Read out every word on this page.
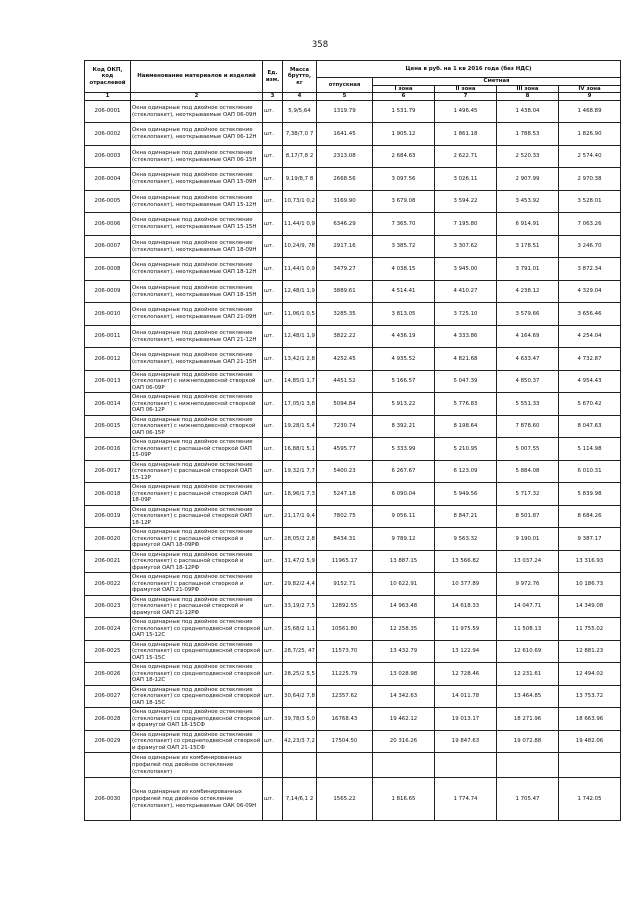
358
Код ОКП, код отраслевой	Наименование материалов и изделий	Ед. изм.	Масса брутто, кг	Цена в руб. на 1 кв 2016 года (без НДС)				
				отпускная	Сметная			
					I зона	II зона	III зона	IV зона
1	2	3	4	5	6	7	8	9
206-0001	Окна одинарные под двойное остекление (стеклопакет), неоткрываемые ОАП 06-09Н	шт.	5,9/5,64	1319.79	1 531.79	1 496.45	1 438.04	1 468.89
206-0002	Окна одинарные под двойное остекление (стеклопакет), неоткрываемые ОАП 06-12Н	шт.	7,38/7,0 7	1641.45	1 905.12	1 861.18	1 788.53	1 826.90
206-0003	Окна одинарные под двойное остекление (стеклопакет), неоткрываемые ОАП 06-15Н	шт.	8,17/7,8 2	2313.08	2 684.63	2 622.71	2 520.33	2 574.40
206-0004	Окна одинарные под двойное остекление (стеклопакет), неоткрываемые ОАП 15-09Н	шт.	9,19/8,7 8	2668.56	3 097.56	3 026.11	2 907.99	2 970.38
206-0005	Окна одинарные под двойное остекление (стеклопакет), неоткрываемые ОАП 15-12Н	шт.	10,73/1 0,2	3169.90	3 679.08	3 594.22	3 453.92	3 528.01
206-0006	Окна одинарные под двойное остекление (стеклопакет), неоткрываемые ОАП 15-15Н	шт.	11,44/1 0,9	6346.29	7 365.70	7 195.80	6 914.91	7 063.26
206-0007	Окна одинарные под двойное остекление (стеклопакет), неоткрываемые ОАП 18-09Н	шт.	10,24/9, 78	2917.16	3 385.72	3 307.62	3 178.51	3 246.70
206-0008	Окна одинарные под двойное остекление (стеклопакет), неоткрываемые ОАП 18-12Н	шт.	11,44/1 0,9	3479.27	4 038.15	3 945.00	3 791.01	3 872.34
206-0009	Окна одинарные под двойное остекление (стеклопакет), неоткрываемые ОАП 18-15Н	шт.	12,48/1 1,9	3889.61	4 514.41	4 410.27	4 238.12	4 329.04
206-0010	Окна одинарные под двойное остекление (стеклопакет), неоткрываемые ОАП 21-09Н	шт.	11,06/1 0,5	3285.35	3 813.05	3 725.10	3 579.66	3 656.46
206-0011	Окна одинарные под двойное остекление (стеклопакет), неоткрываемые ОАП 21-12Н	шт.	12,48/1 1,9	3822.22	4 436.19	4 333.86	4 164.69	4 254.04
206-0012	Окна одинарные под двойное остекление (стеклопакет), неоткрываемые ОАП 21-15Н	шт.	13,42/1 2,8	4252.45	4 935.52	4 821.68	4 633.47	4 732.87
206-0013	Окна одинарные под двойное остекление (стеклопакет) с нижнеподвесной створкой ОАП 06-09Р	шт.	14,85/1 1,7	4451.52	5 166.57	5 047.39	4 850.37	4 954.43
206-0014	Окна одинарные под двойное остекление (стеклопакет) с нижнеподвесной створкой ОАП 06-12Р	шт.	17,05/1 3,8	5094.84	5 913.22	5 776.83	5 551.33	5 670.42
206-0015	Окна одинарные под двойное остекление (стеклопакет) с нижнеподвесной створкой ОАП 06-15Р	шт.	19,28/1 5,4	7230.74	8 392.21	8 198.64	7 878.60	8 047.63
206-0016	Окна одинарные под двойное остекление (стеклопакет) с распашной створкой ОАП 15-09Р	шт.	16,88/1 5,1	4595.77	5 333.99	5 210.95	5 007.55	5 114.98
206-0017	Окна одинарные под двойное остекление (стеклопакет) с распашной створкой ОАП 15-12Р	шт.	19,32/1 7,7	5400.23	6 267.67	6 123.09	5 884.08	6 010.31
206-0018	Окна одинарные под двойное остекление (стеклопакет) с распашной створкой ОАП 18-09Р	шт.	18,96/1 7,3	5247.18	6 090.04	5 949.56	5 717.32	5 839.98
206-0019	Окна одинарные под двойное остекление (стеклопакет) с распашной створкой ОАП 18-12Р	шт.	21,17/1 9,4	7802.75	9 056.11	8 847.21	8 501.87	8 684.26
206-0020	Окна одинарные под двойное остекление (стеклопакет) с распашной створкой и фрамугой ОАП 18-09РФ	шт.	28,05/2 2,8	8434.31	9 789.12	9 563.32	9 190.01	9 387.17
206-0021	Окна одинарные под двойное остекление (стеклопакет) с распашной створкой и фрамугой ОАП 18-12РФ	шт.	31,47/2 5,9	11965.17	13 887.15	13 566.82	13 037.24	13 316.93
206-0022	Окна одинарные под двойное остекление (стеклопакет) с распашной створкой и фрамугой ОАП 21-09РФ	шт.	29,82/2 4,4	9152.71	10 622.91	10 377.89	9 972.76	10 186.73
206-0023	Окна одинарные под двойное остекление (стеклопакет) с распашной створкой и фрамугой ОАП 21-12РФ	шт.	33,19/2 7,5	12892.55	14 963.48	14 618.33	14 047.71	14 349.08
206-0024	Окна одинарные под двойное остекление (стеклопакет) со среднеподвесной створкой ОАП 15-12С	шт.	25,68/2 1,1	10561.80	12 258.35	11 975.59	11 508.13	11 755.02
206-0025	Окна одинарные под двойное остекление (стеклопакет) со среднеподвесной створкой ОАП 15-15С	шт.	28,7/25, 47	11573.70	13 432.79	13 122.94	12 610.69	12 881.23
206-0026	Окна одинарные под двойное остекление (стеклопакет) со среднеподвесной створкой ОАП 18-12С	шт.	28,25/2 5,5	11225.79	13 028.98	12 728.46	12 231.61	12 494.02
206-0027	Окна одинарные под двойное остекление (стеклопакет) со среднеподвесной створкой ОАП 18-15С	шт.	30,64/2 7,8	12357.62	14 342.63	14 011.78	13 464.85	13 753.72
206-0028	Окна одинарные под двойное остекление (стеклопакет) со среднеподвесной створкой и фрамугой ОАП 18-15СФ	шт.	39,78/3 5,0	16768.43	19 462.12	19 013.17	18 271.96	18 663.96
206-0029	Окна одинарные под двойное остекление (стеклопакет) со среднеподвесной створкой и фрамугой ОАП 21-15СФ	шт.	42,23/3 7,2	17504.50	20 316.26	19 847.63	19 072.88	19 482.06
	Окна одинарные из комбинированных профилей под двойное остекление (стеклопакет)							
206-0030	Окна одинарные из комбинированных профилей под двойное остекление (стеклопакет), неоткрываемые ОАК 06-09Н	шт.	7,14/6,1 2	1565.22	1 816.65	1 774.74	1 705.47	1 742.05
